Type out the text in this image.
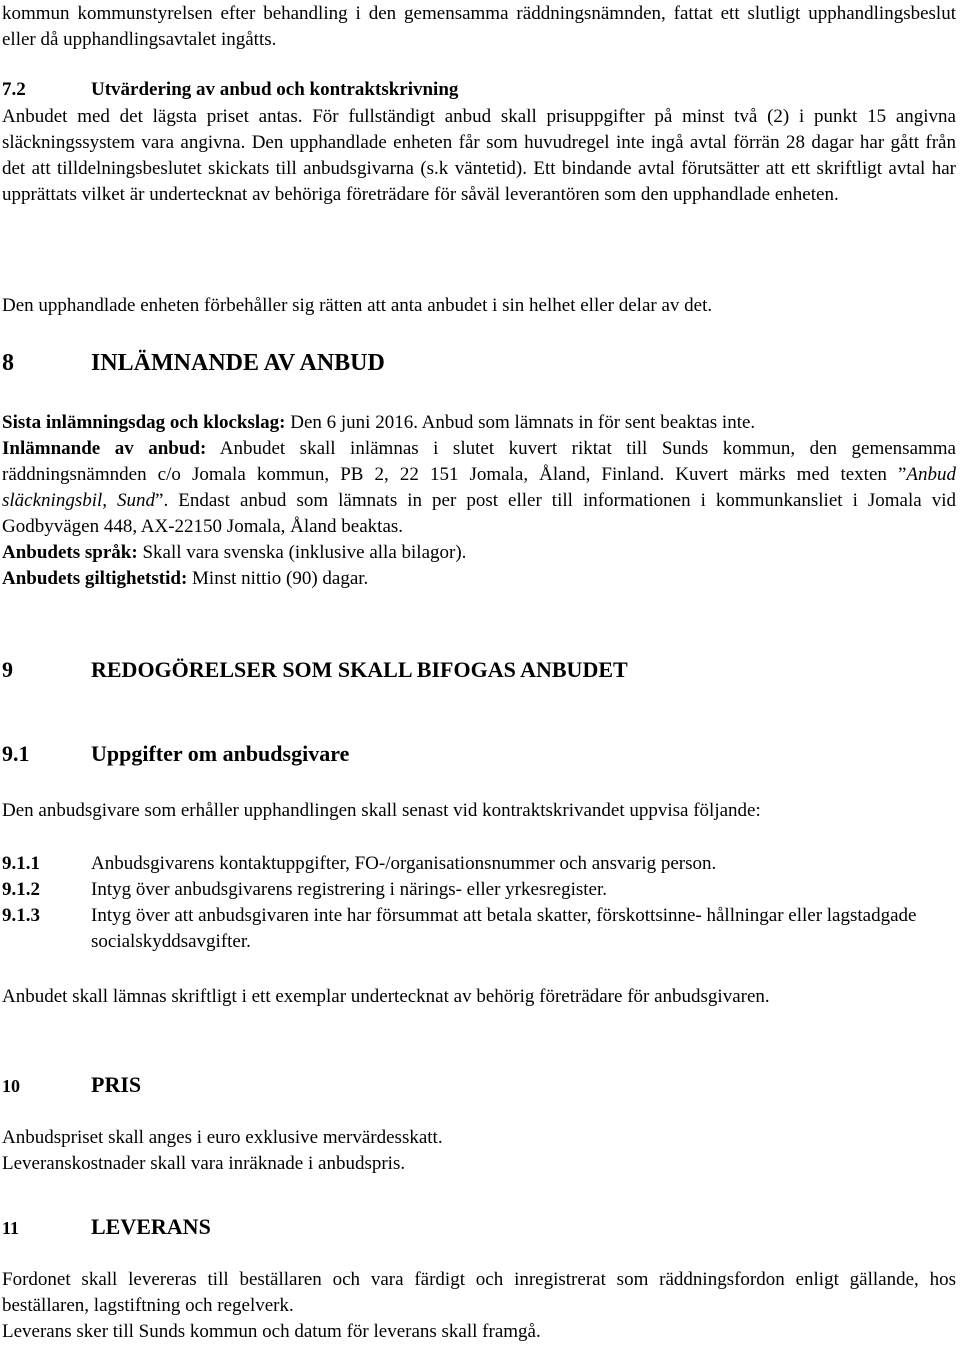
kommun kommunstyrelsen efter behandling i den gemensamma räddningsnämnden, fattat ett slutligt upphandlingsbeslut eller då upphandlingsavtalet ingåtts.

7.2	Utvärdering av anbud och kontraktskrivning

Anbudet med det lägsta priset antas. För fullständigt anbud skall prisuppgifter på minst två (2) i punkt 15 angivna släckningssystem vara angivna. Den upphandlade enheten får som huvudregel inte ingå avtal förrän 28 dagar har gått från det att tilldelningsbeslutet skickats till anbudsgivarna (s.k väntetid). Ett bindande avtal förutsätter att ett skriftligt avtal har upprättats vilket är undertecknat av behöriga företrädare för såväl leverantören som den upphandlade enheten.

Den upphandlade enheten förbehåller sig rätten att anta anbudet i sin helhet eller delar av det.

8	INLÄMNANDE AV ANBUD

Sista inlämningsdag och klockslag: Den 6 juni 2016. Anbud som lämnats in för sent beaktas inte.

Inlämnande av anbud: Anbudet skall inlämnas i slutet kuvert riktat till Sunds kommun, den gemensamma räddningsnämnden c/o Jomala kommun, PB 2, 22 151 Jomala, Åland, Finland. Kuvert märks med texten ”Anbud släckningsbil, Sund”. Endast anbud som lämnats in per post eller till informationen i kommunkansliet i Jomala vid Godbyvägen 448, AX-22150 Jomala, Åland beaktas.

Anbudets språk: Skall vara svenska (inklusive alla bilagor).

Anbudets giltighetstid: Minst nittio (90) dagar.

9	REDOGÖRELSER SOM SKALL BIFOGAS ANBUDET
9.1	Uppgifter om anbudsgivare

Den anbudsgivare som erhåller upphandlingen skall senast vid kontraktskrivandet uppvisa följande:

9.1.1	Anbudsgivarens kontaktuppgifter, FO-/organisationsnummer och ansvarig person.
9.1.2	Intyg över anbudsgivarens registrering i närings- eller yrkesregister.
9.1.3	Intyg över att anbudsgivaren inte har försummat att betala skatter, förskottsinne- hållningar eller lagstadgade socialskyddsavgifter.

Anbudet skall lämnas skriftligt i ett exemplar undertecknat av behörig företrädare för anbudsgivaren.

10	PRIS

Anbudspriset skall anges i euro exklusive mervärdesskatt.

Leveranskostnader skall vara inräknade i anbudspris.

11	LEVERANS

Fordonet skall levereras till beställaren och vara färdigt och inregistrerat som räddningsfordon enligt gällande, hos beställaren, lagstiftning och regelverk.

Leverans sker till Sunds kommun och datum för leverans skall framgå.
